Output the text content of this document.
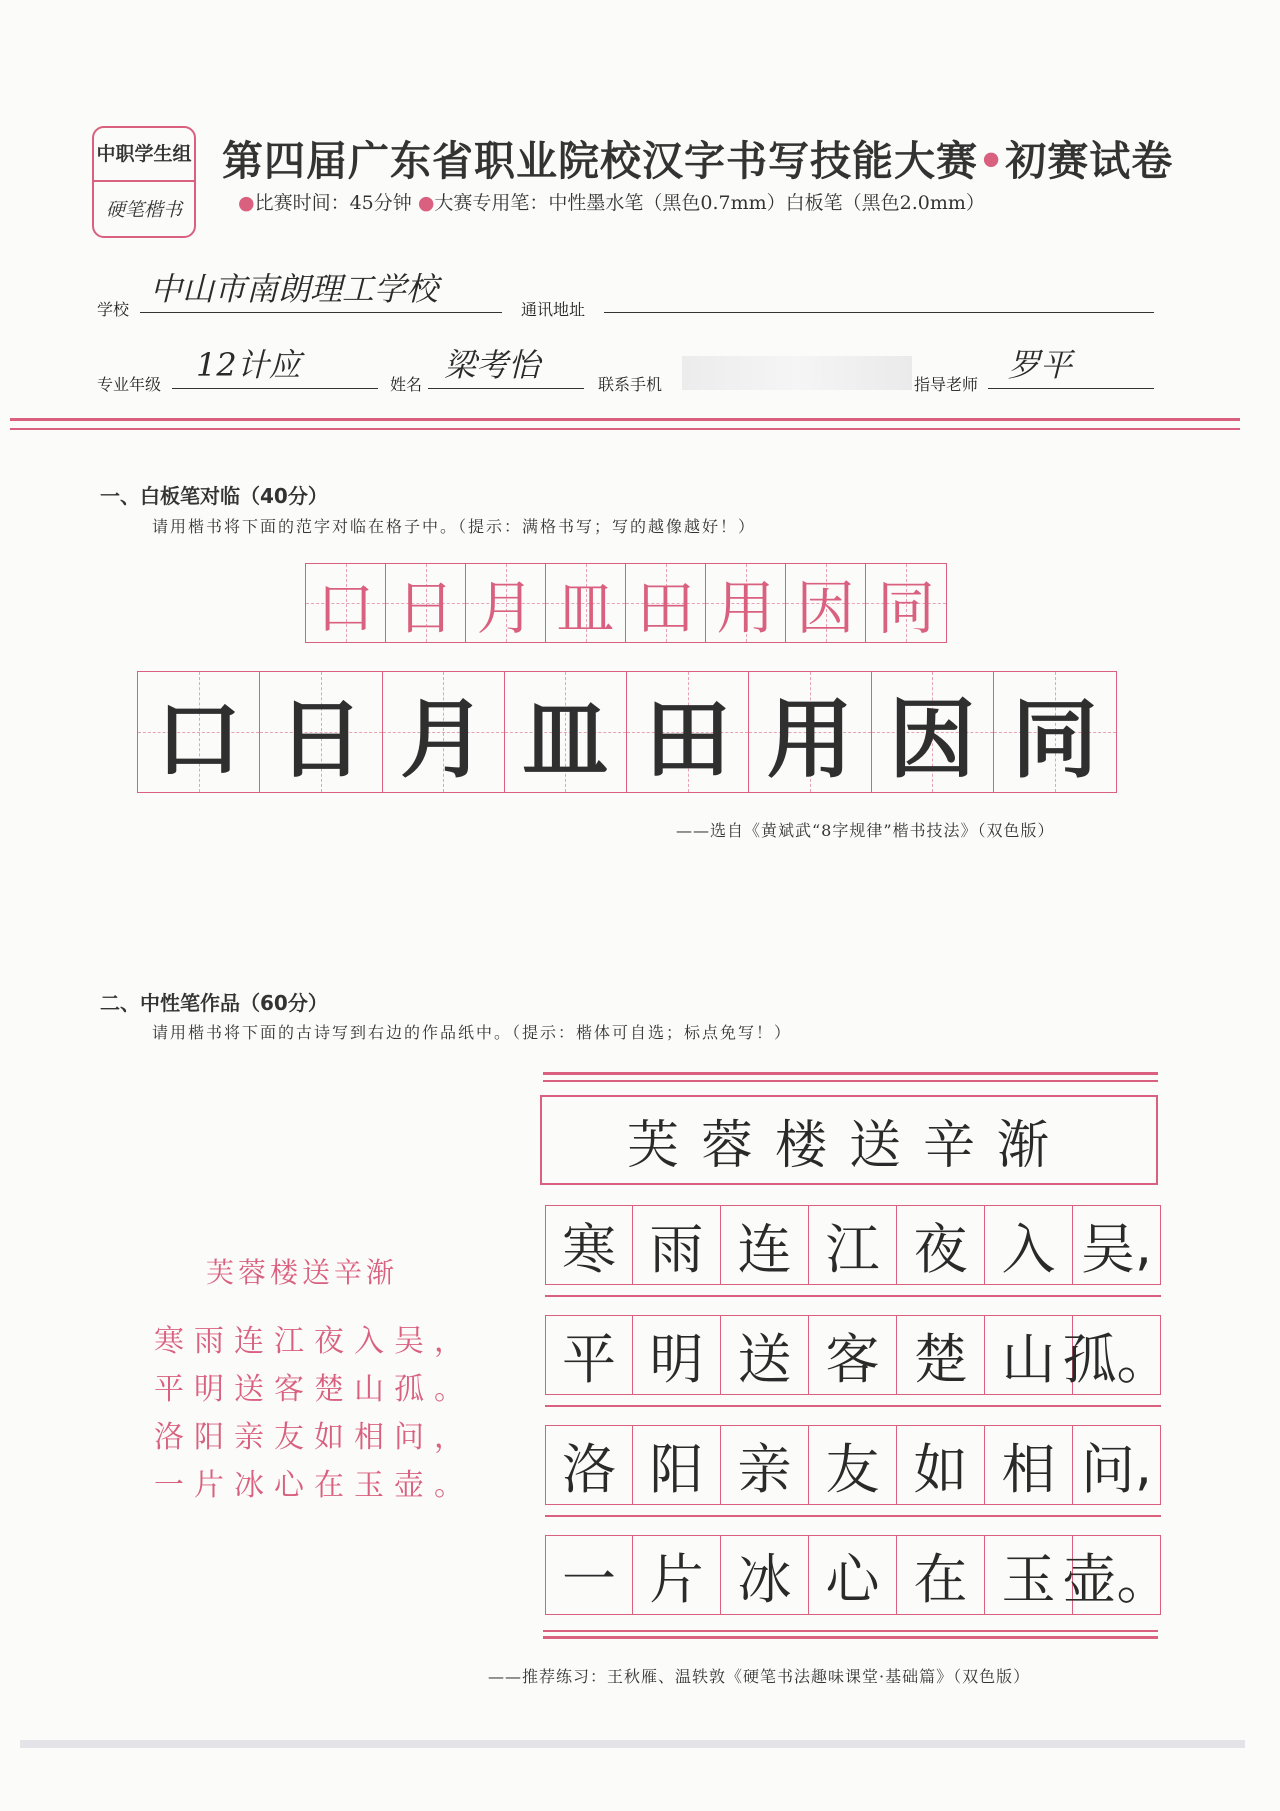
中职学生组
硬笔楷书
第四届广东省职业院校汉字书写技能大赛•初赛试卷
●比赛时间：45分钟 ●大赛专用笔：中性墨水笔（黑色0.7mm）白板笔（黑色2.0mm）
学校
中山市南朗理工学校
通讯地址
专业年级
12计应
姓名
梁考怡
联系手机	指导老师
罗平
一、白板笔对临（40分）
请用楷书将下面的范字对临在格子中。（提示：满格书写；写的越像越好！）
口 日 月 皿 田 用 因 同
口 日 月 皿 田 用 因 同
——选自《黄斌武“8字规律”楷书技法》（双色版）
二、中性笔作品（60分）
请用楷书将下面的古诗写到右边的作品纸中。（提示：楷体可自选；标点免写！）
芙蓉楼送辛渐
寒雨连江夜入吴，
平明送客楚山孤。
洛阳亲友如相问，
一片冰心在玉壶。
芙蓉楼送辛渐
寒 雨 连 江 夜 入 吴 ,
平 明 送 客 楚 山 孤 。
洛 阳 亲 友 如 相 问 ,
一 片 冰 心 在 玉 壶 。
——推荐练习：王秋雁、温轶敦《硬笔书法趣味课堂·基础篇》（双色版）
